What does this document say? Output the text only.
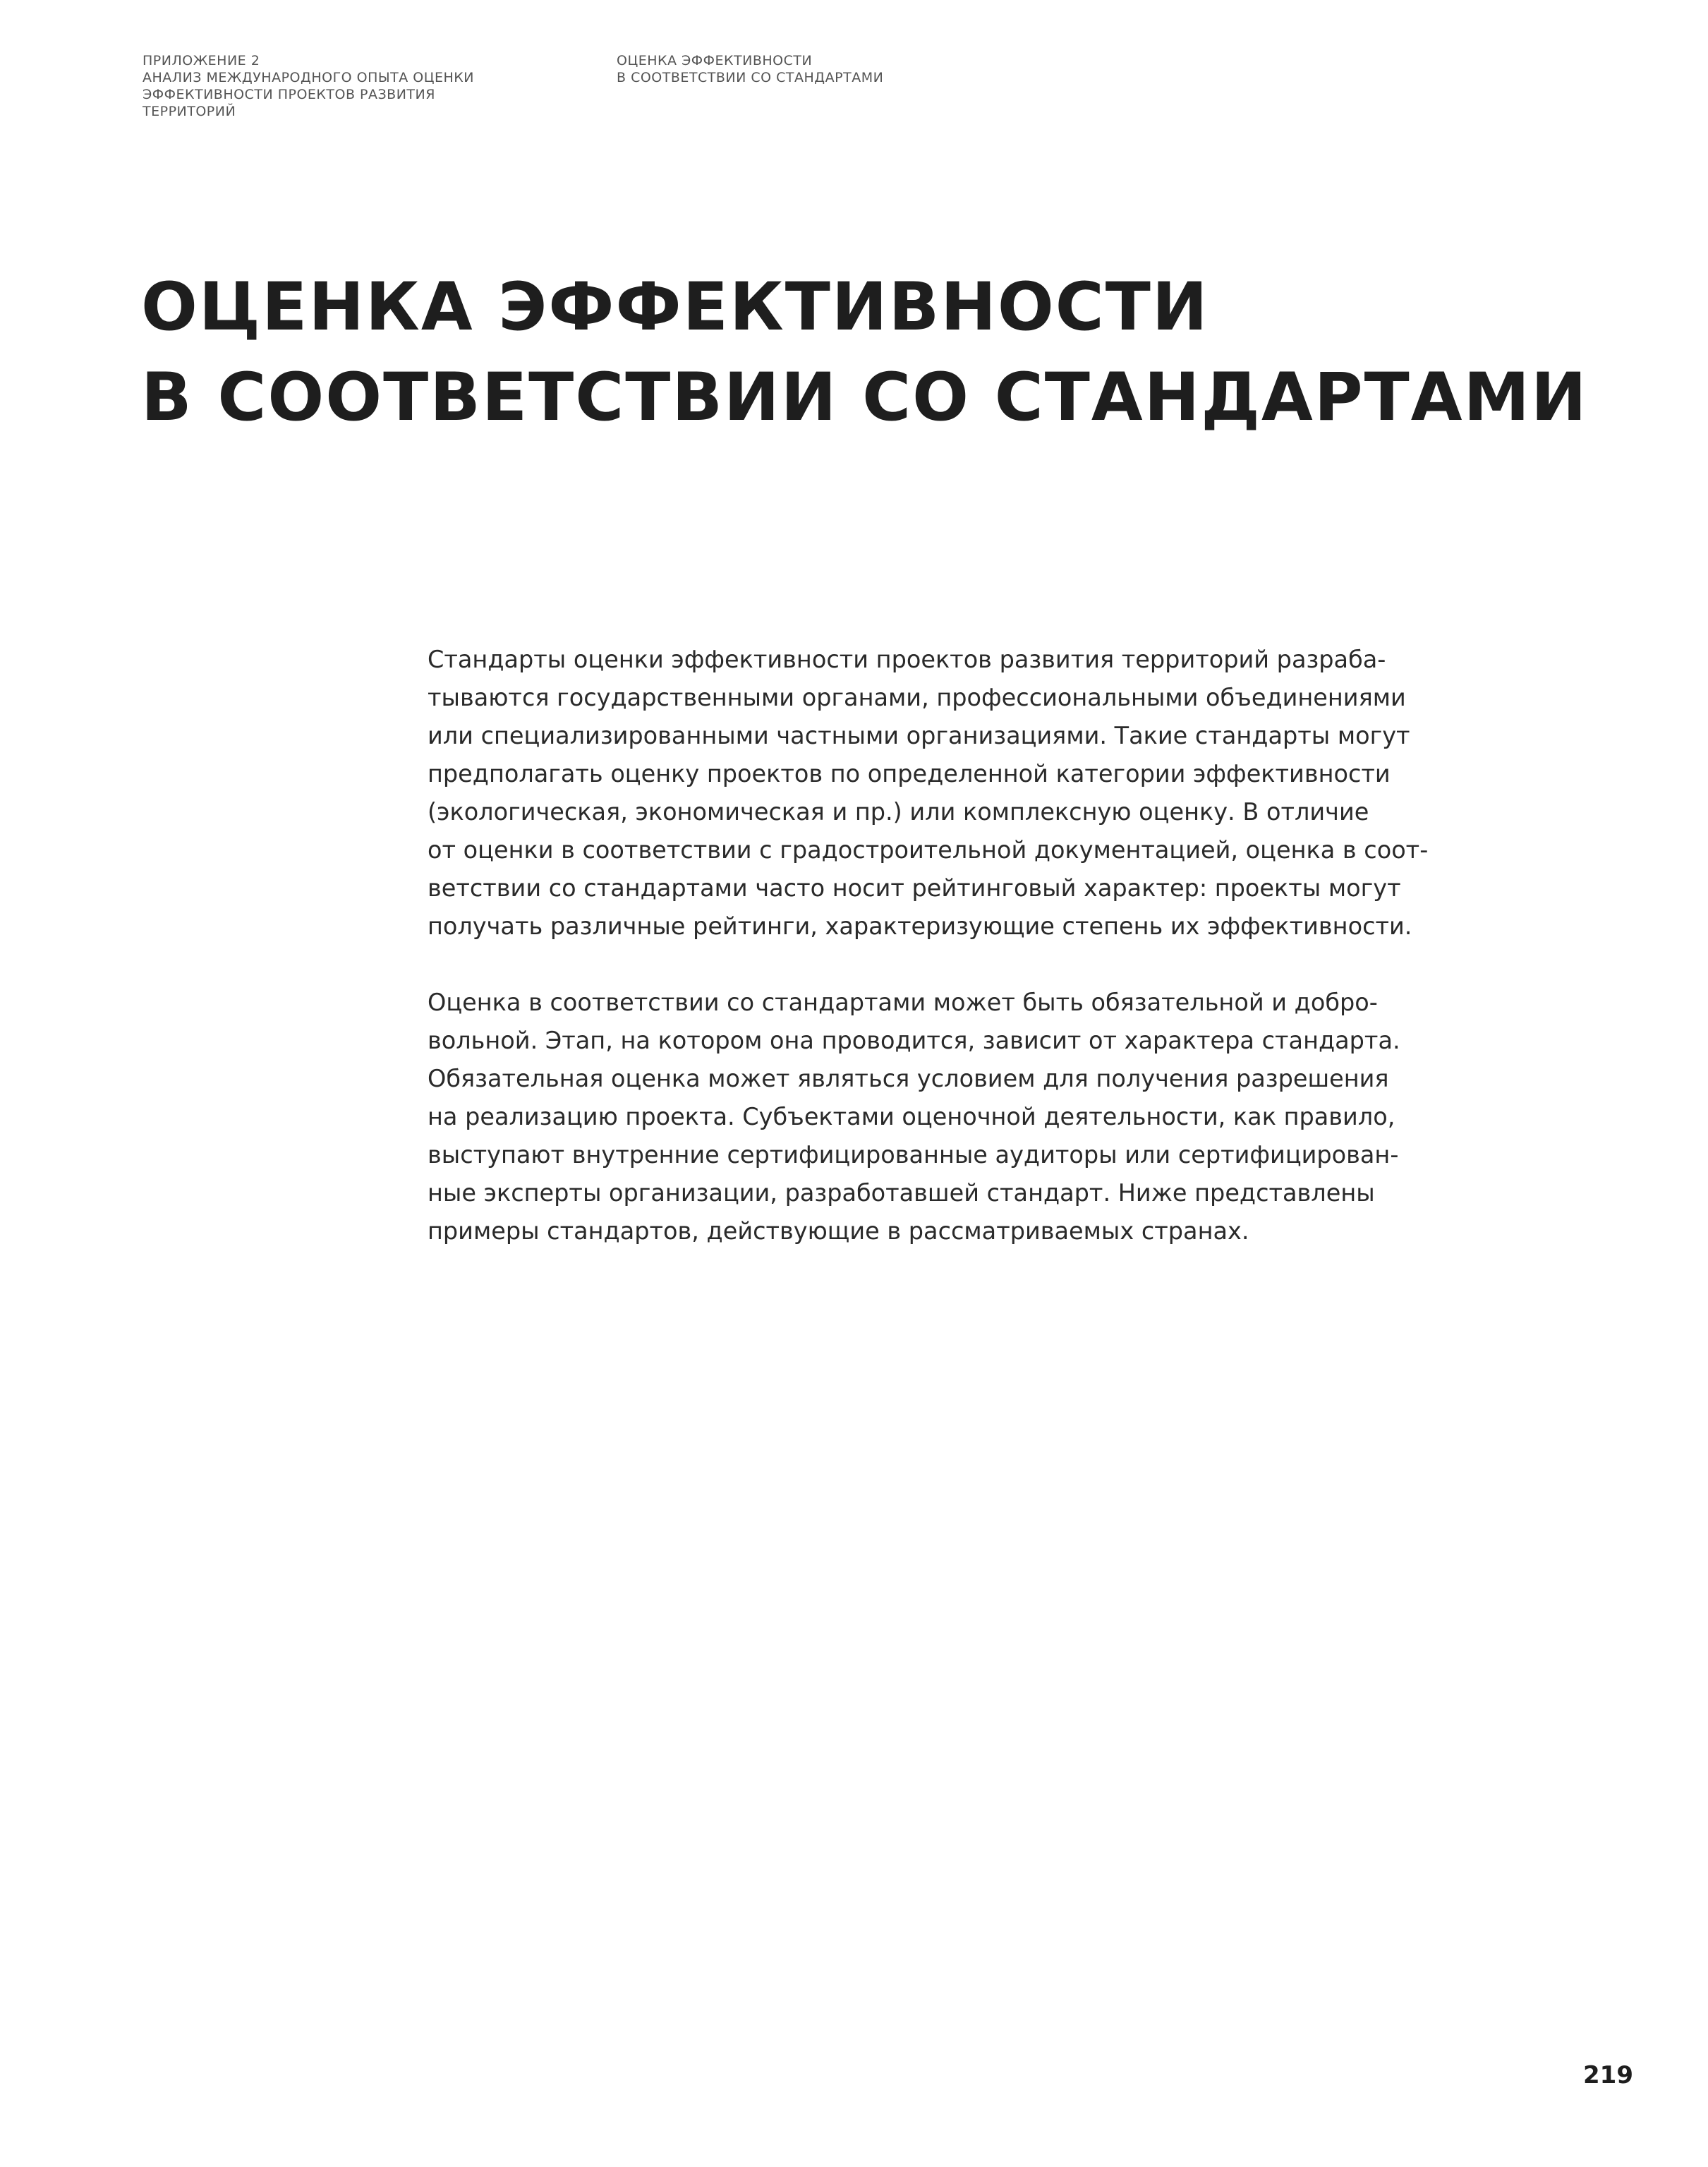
ПРИЛОЖЕНИЕ 2
АНАЛИЗ МЕЖДУНАРОДНОГО ОПЫТА ОЦЕНКИ
ЭФФЕКТИВНОСТИ ПРОЕКТОВ РАЗВИТИЯ
ТЕРРИТОРИЙ
ОЦЕНКА ЭФФЕКТИВНОСТИ
В СООТВЕТСТВИИ СО СТАНДАРТАМИ
ОЦЕНКА ЭФФЕКТИВНОСТИ
В СООТВЕТСТВИИ СО СТАНДАРТАМИ

Стандарты оценки эффективности проектов развития территорий разраба-
тываются государственными органами, профессиональными объединениями
или специализированными частными организациями. Такие стандарты могут
предполагать оценку проектов по определенной категории эффективности
(экологическая, экономическая и пр.) или комплексную оценку. В отличие
от оценки в соответствии с градостроительной документацией, оценка в соот-
ветствии со стандартами часто носит рейтинговый характер: проекты могут
получать различные рейтинги, характеризующие степень их эффективности.

Оценка в соответствии со стандартами может быть обязательной и добро-
вольной. Этап, на котором она проводится, зависит от характера стандарта.
Обязательная оценка может являться условием для получения разрешения
на реализацию проекта. Субъектами оценочной деятельности, как правило,
выступают внутренние сертифицированные аудиторы или сертифицирован-
ные эксперты организации, разработавшей стандарт. Ниже представлены
примеры стандартов, действующие в рассматриваемых странах.

219
